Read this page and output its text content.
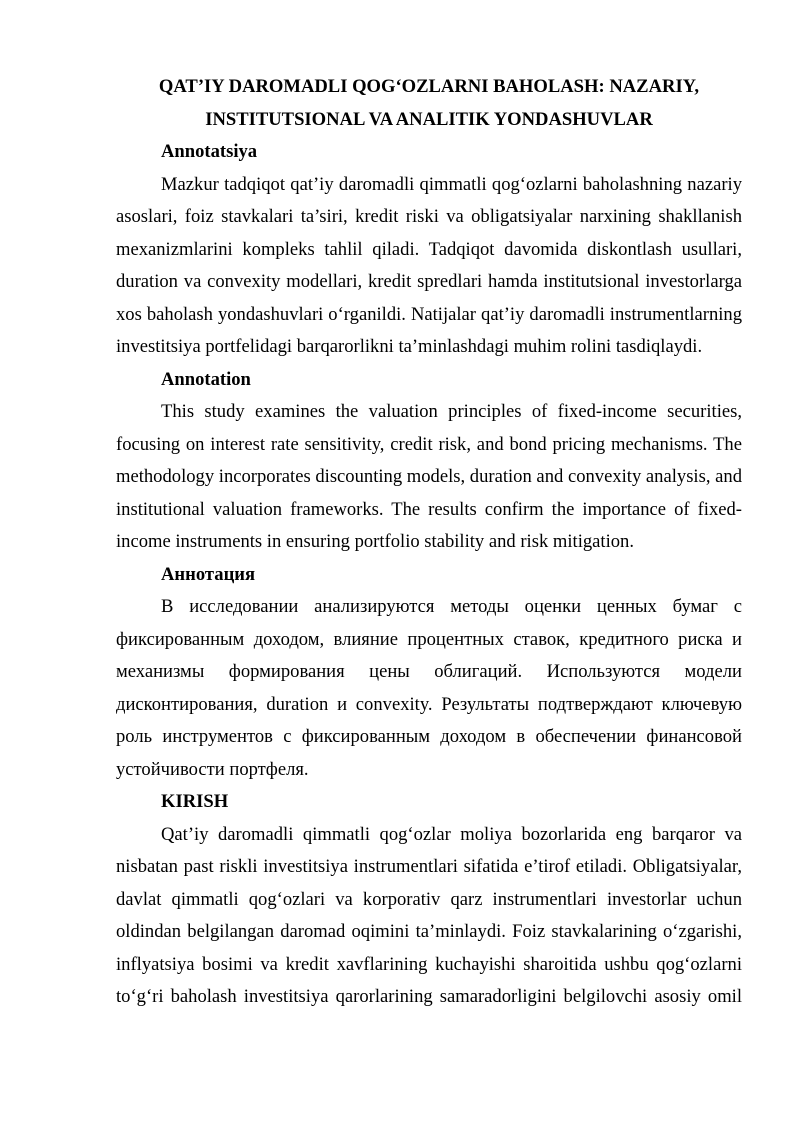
QAT’IY DAROMADLI QOG‘OZLARNI BAHOLASH: NAZARIY,
INSTITUTSIONAL VA ANALITIK YONDASHUVLAR
Annotatsiya

Mazkur tadqiqot qat’iy daromadli qimmatli qog‘ozlarni baholashning nazariy asoslari, foiz stavkalari ta’siri, kredit riski va obligatsiyalar narxining shakllanish mexanizmlarini kompleks tahlil qiladi. Tadqiqot davomida diskontlash usullari, duration va convexity modellari, kredit spredlari hamda institutsional investorlarga xos baholash yondashuvlari o‘rganildi. Natijalar qat’iy daromadli instrumentlarning investitsiya portfelidagi barqarorlikni ta’minlashdagi muhim rolini tasdiqlaydi.

Annotation

This study examines the valuation principles of fixed-income securities, focusing on interest rate sensitivity, credit risk, and bond pricing mechanisms. The methodology incorporates discounting models, duration and convexity analysis, and institutional valuation frameworks. The results confirm the importance of fixed-income instruments in ensuring portfolio stability and risk mitigation.

Аннотация

В исследовании анализируются методы оценки ценных бумаг с фиксированным доходом, влияние процентных ставок, кредитного риска и механизмы формирования цены облигаций. Используются модели дисконтирования, duration и convexity. Результаты подтверждают ключевую роль инструментов с фиксированным доходом в обеспечении финансовой устойчивости портфеля.

KIRISH

Qat’iy daromadli qimmatli qog‘ozlar moliya bozorlarida eng barqaror va nisbatan past riskli investitsiya instrumentlari sifatida e’tirof etiladi. Obligatsiyalar, davlat qimmatli qog‘ozlari va korporativ qarz instrumentlari investorlar uchun oldindan belgilangan daromad oqimini ta’minlaydi. Foiz stavkalarining o‘zgarishi, inflyatsiya bosimi va kredit xavflarining kuchayishi sharoitida ushbu qog‘ozlarni to‘g‘ri baholash investitsiya qarorlarining samaradorligini belgilovchi asosiy omil
